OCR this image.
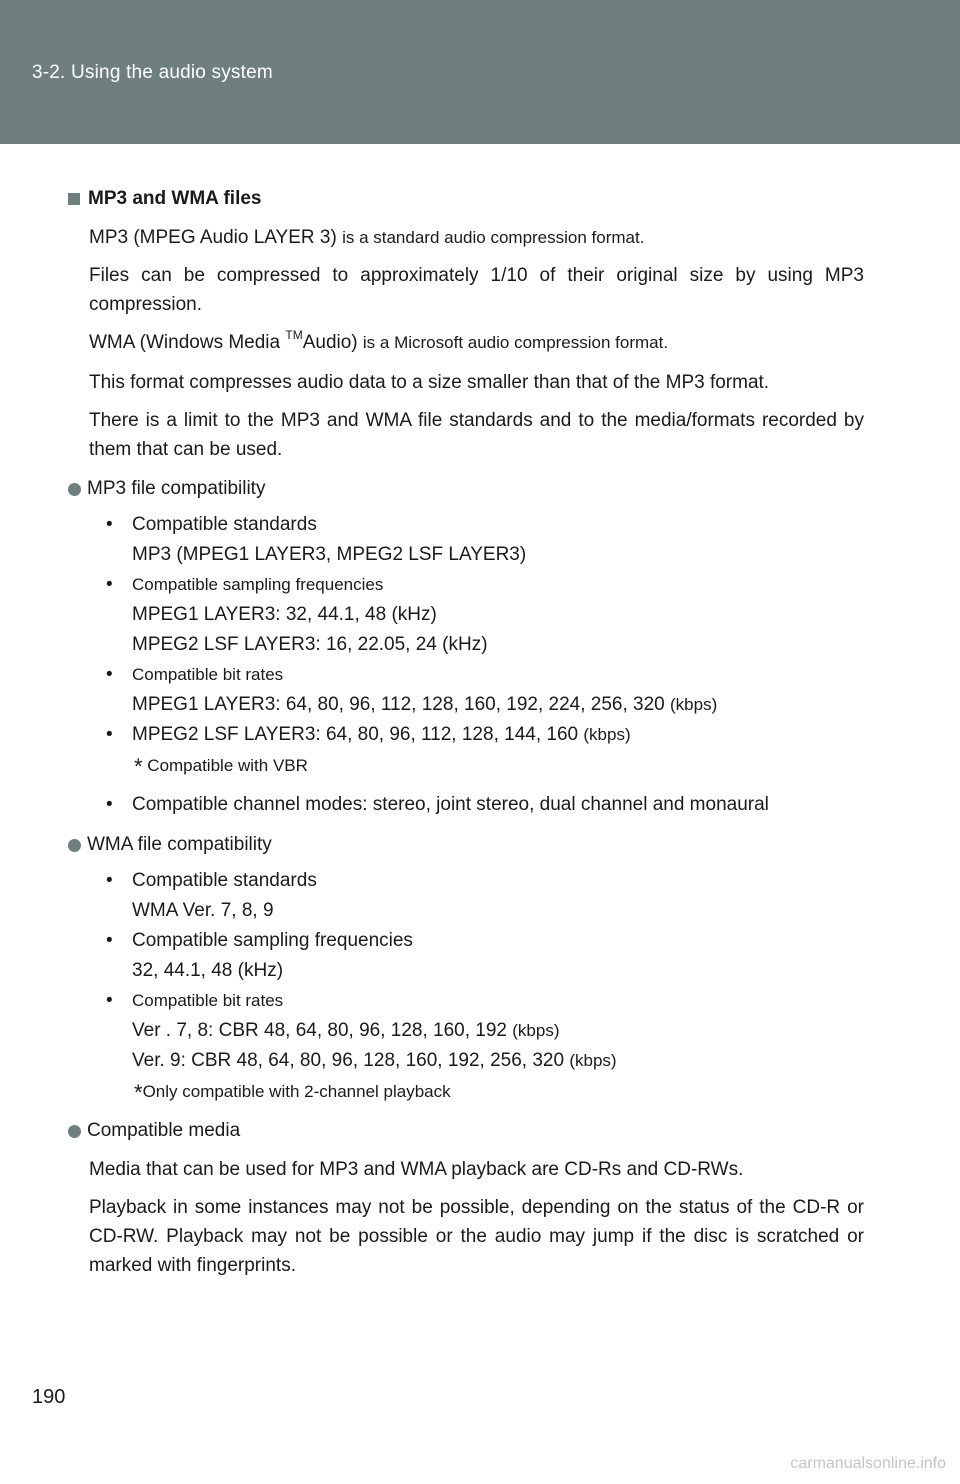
3-2. Using the audio system
MP3 and WMA files
MP3 (MPEG Audio LAYER 3) is a standard audio compression format.
Files can be compressed to approximately 1/10 of their original size by using MP3 compression.
WMA (Windows Media ™Audio) is a Microsoft audio compression format.
This format compresses audio data to a size smaller than that of the MP3 format.
There is a limit to the MP3 and WMA file standards and to the media/formats recorded by them that can be used.
MP3 file compatibility
•	Compatible standards
MP3 (MPEG1 LAYER3, MPEG2 LSF LAYER3)
•	Compatible sampling frequencies
MPEG1 LAYER3: 32, 44.1, 48 (kHz)
MPEG2 LSF LAYER3: 16, 22.05, 24 (kHz)
•	Compatible bit rates
MPEG1 LAYER3: 64, 80, 96, 112, 128, 160, 192, 224, 256, 320 (kbps)
•	MPEG2 LSF LAYER3: 64, 80, 96, 112, 128, 144, 160 (kbps)
* Compatible with VBR
•	Compatible channel modes: stereo, joint stereo, dual channel and monaural
WMA file compatibility
•	Compatible standards
WMA Ver. 7, 8, 9
•	Compatible sampling frequencies
32, 44.1, 48 (kHz)
•	Compatible bit rates
Ver . 7, 8: CBR 48, 64, 80, 96, 128, 160, 192 (kbps)
Ver. 9: CBR 48, 64, 80, 96, 128, 160, 192, 256, 320 (kbps)
*Only compatible with 2-channel playback
Compatible media
Media that can be used for MP3 and WMA playback are CD-Rs and CD-RWs.
Playback in some instances may not be possible, depending on the status of the CD-R or CD-RW. Playback may not be possible or the audio may jump if the disc is scratched or marked with fingerprints.
190
carmanualsonline.info
